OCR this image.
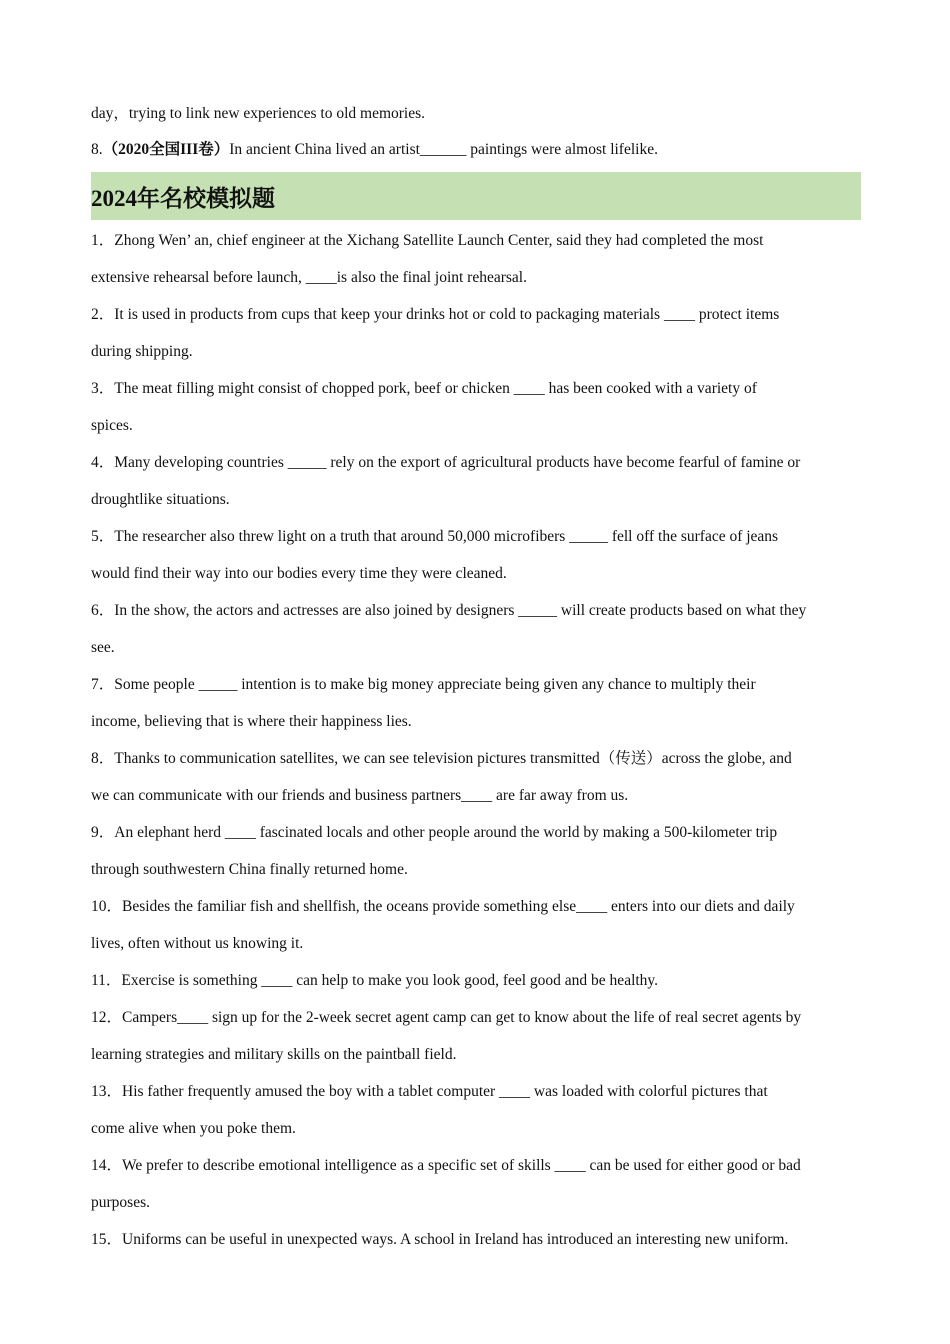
day，trying to link new experiences to old memories.

8.（2020全国III卷）In ancient China lived an artist______ paintings were almost lifelike.

2024年名校模拟题

1．Zhong Wen’ an, chief engineer at the Xichang Satellite Launch Center, said they had completed the most

extensive rehearsal before launch, ____is also the final joint rehearsal.

2．It is used in products from cups that keep your drinks hot or cold to packaging materials ____ protect items

during shipping.

3．The meat filling might consist of chopped pork, beef or chicken ____ has been cooked with a variety of

spices.

4．Many developing countries _____ rely on the export of agricultural products have become fearful of famine or

droughtlike situations.

5．The researcher also threw light on a truth that around 50,000 microfibers _____ fell off the surface of jeans

would find their way into our bodies every time they were cleaned.

6．In the show, the actors and actresses are also joined by designers _____ will create products based on what they

see.

7．Some people _____ intention is to make big money appreciate being given any chance to multiply their

income, believing that is where their happiness lies.

8．Thanks to communication satellites, we can see television pictures transmitted（传送）across the globe, and

we can communicate with our friends and business partners____ are far away from us.

9．An elephant herd ____ fascinated locals and other people around the world by making a 500-kilometer trip

through southwestern China finally returned home.

10．Besides the familiar fish and shellfish, the oceans provide something else____ enters into our diets and daily

lives, often without us knowing it.

11．Exercise is something ____ can help to make you look good, feel good and be healthy.

12．Campers____ sign up for the 2-week secret agent camp can get to know about the life of real secret agents by

learning strategies and military skills on the paintball field.

13．His father frequently amused the boy with a tablet computer ____ was loaded with colorful pictures that

come alive when you poke them.

14．We prefer to describe emotional intelligence as a specific set of skills ____ can be used for either good or bad

purposes.

15．Uniforms can be useful in unexpected ways. A school in Ireland has introduced an interesting new uniform.
